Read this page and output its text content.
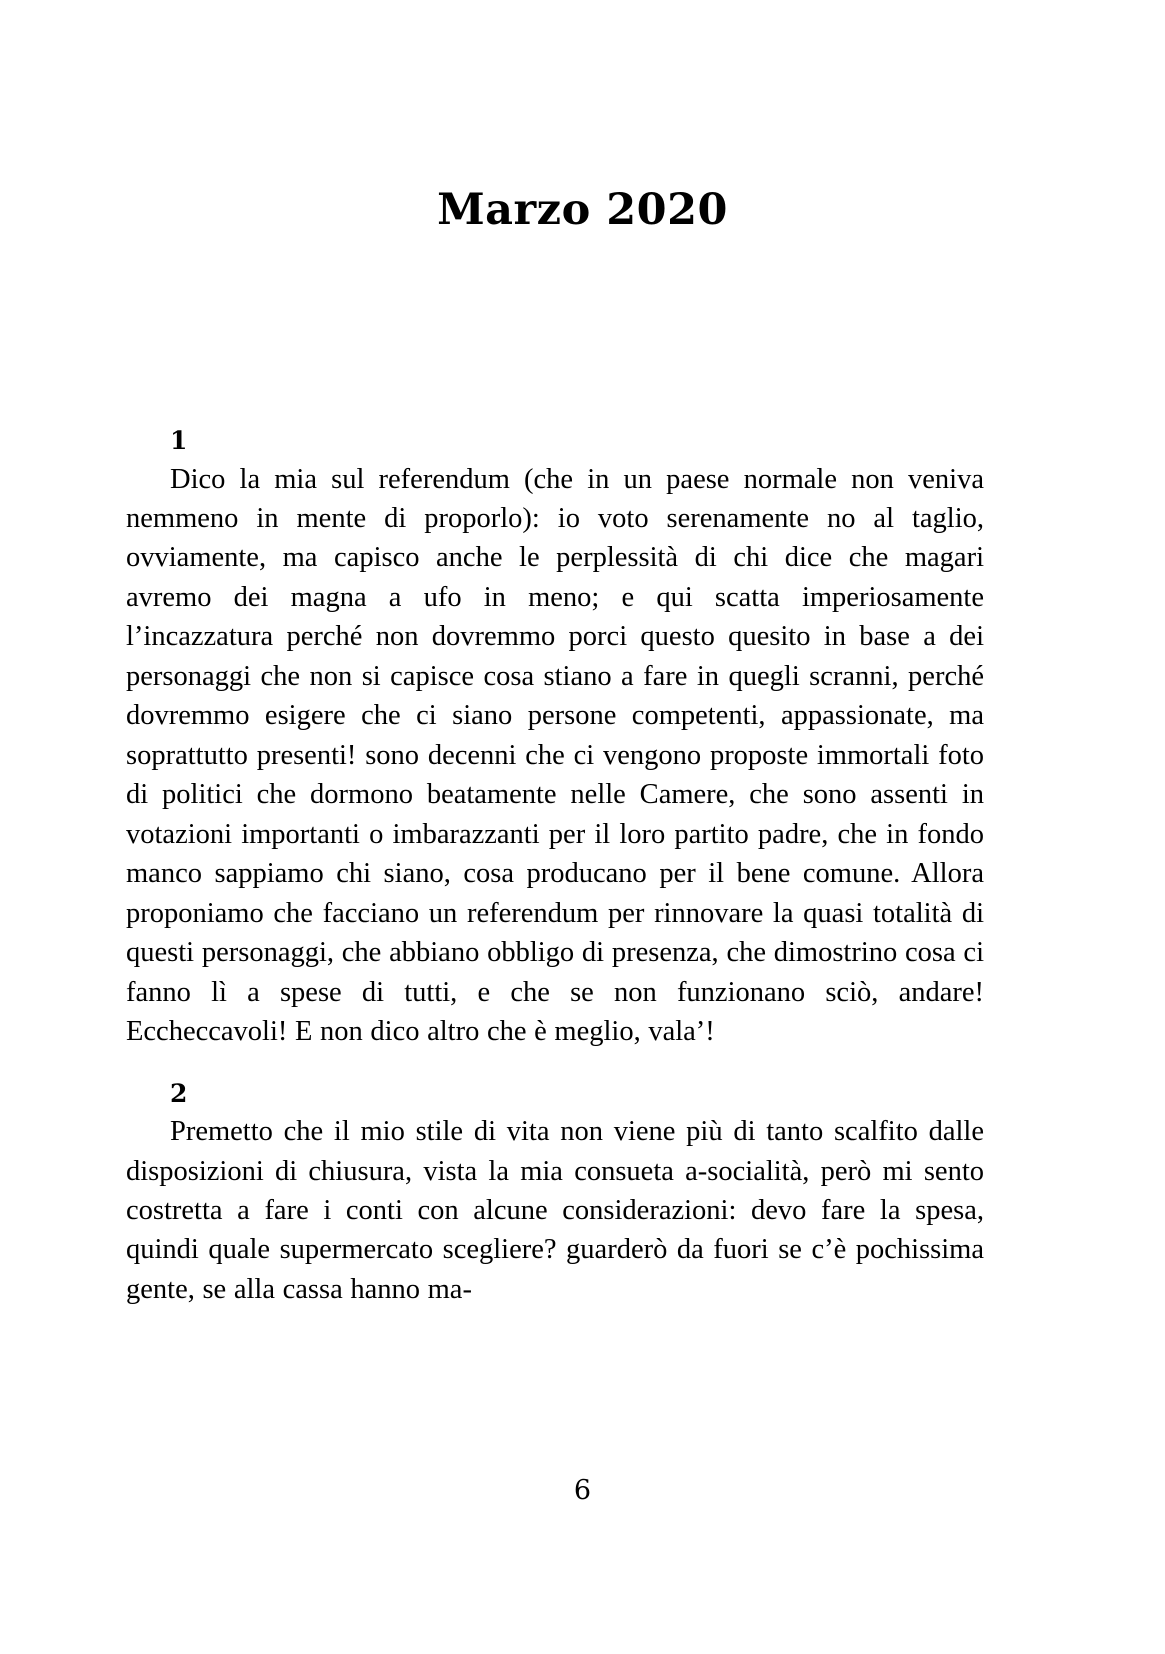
Marzo 2020
1

Dico la mia sul referendum (che in un paese normale non veniva nemmeno in mente di proporlo): io voto serenamente no al taglio, ovviamente, ma capisco anche le perplessità di chi dice che magari avremo dei magna a ufo in meno; e qui scatta imperiosamente l’incazzatura perché non dovremmo porci questo quesito in base a dei personaggi che non si capisce cosa stiano a fare in quegli scranni, perché dovremmo esigere che ci siano persone competenti, appassionate, ma soprattutto presenti! sono decenni che ci vengono proposte immortali foto di politici che dormono beatamente nelle Camere, che sono assenti in votazioni importanti o imbarazzanti per il loro partito padre, che in fondo manco sappiamo chi siano, cosa producano per il bene comune. Allora proponiamo che facciano un referendum per rinnovare la quasi totalità di questi personaggi, che abbiano obbligo di presenza, che dimostrino cosa ci fanno lì a spese di tutti, e che se non funzionano sciò, andare! Eccheccavoli! E non dico altro che è meglio, vala’!

2

Premetto che il mio stile di vita non viene più di tanto scalfito dalle disposizioni di chiusura, vista la mia consueta a-socialità, però mi sento costretta a fare i conti con alcune considerazioni: devo fare la spesa, quindi quale supermercato scegliere? guarderò da fuori se c’è pochissima gente, se alla cassa hanno ma-

6
